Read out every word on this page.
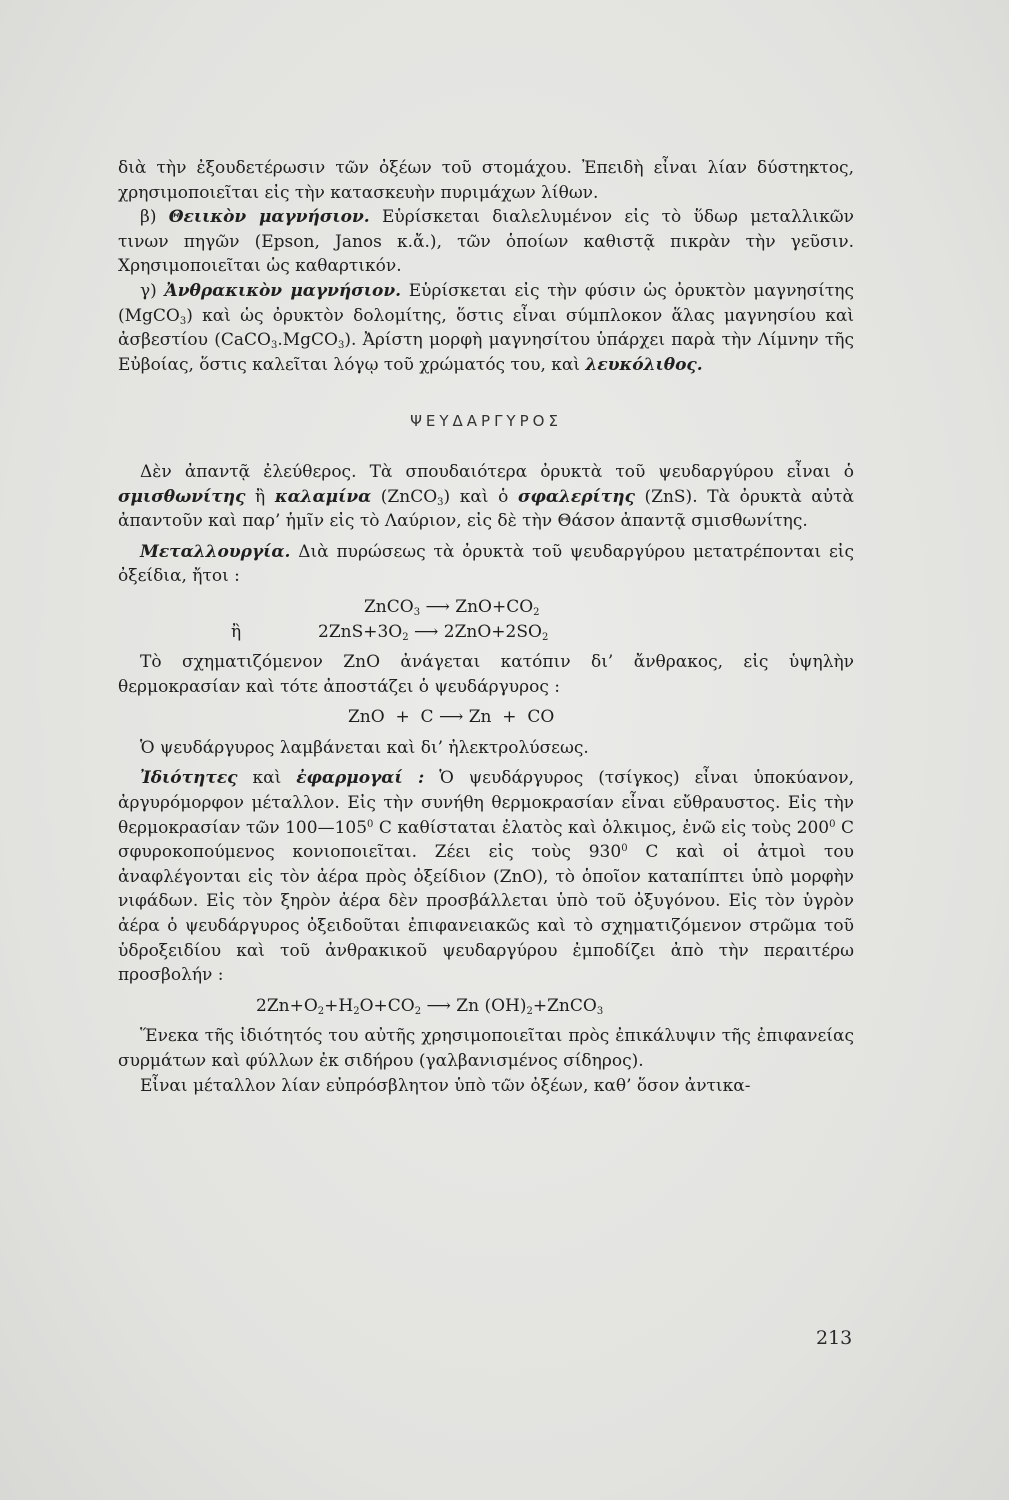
διὰ τὴν ἐξουδετέρωσιν τῶν ὀξέων τοῦ στομάχου. Ἐπειδὴ εἶναι λίαν δύστηκτος, χρησιμοποιεῖται εἰς τὴν κατασκευὴν πυριμάχων λίθων.

β) Θειικὸν μαγνήσιον. Εὑρίσκεται διαλελυμένον εἰς τὸ ὕδωρ μεταλλικῶν τινων πηγῶν (Epson, Janos κ.ἄ.), τῶν ὁποίων καθιστᾷ πικρὰν τὴν γεῦσιν. Χρησιμοποιεῖται ὡς καθαρτικόν.

γ) Ἀνθρακικὸν μαγνήσιον. Εὑρίσκεται εἰς τὴν φύσιν ὡς ὀρυκτὸν μαγνησίτης (MgCO$_3$) καὶ ὡς ὀρυκτὸν δολομίτης, ὅστις εἶναι σύμπλοκον ἅλας μαγνησίου καὶ ἀσβεστίου (CaCO$_3$.MgCO$_3$). Ἀρίστη μορφὴ μαγνησίτου ὑπάρχει παρὰ τὴν Λίμνην τῆς Εὐβοίας, ὅστις καλεῖται λόγῳ τοῦ χρώματός του, καὶ λευκόλιθος.

ΨΕΥΔΑΡΓΥΡΟΣ

Δὲν ἀπαντᾷ ἐλεύθερος. Τὰ σπουδαιότερα ὀρυκτὰ τοῦ ψευδαργύρου εἶναι ὁ σμισθωνίτης ἢ καλαμίνα (ZnCO$_3$) καὶ ὁ σφαλερίτης (ZnS). Τὰ ὀρυκτὰ αὐτὰ ἀπαντοῦν καὶ παρ’ ἡμῖν εἰς τὸ Λαύριον, εἰς δὲ τὴν Θάσον ἀπαντᾷ σμισθωνίτης.

Μεταλλουργία. Διὰ πυρώσεως τὰ ὀρυκτὰ τοῦ ψευδαργύρου μετατρέπονται εἰς ὀξείδια, ἤτοι :

ZnCO$_3$ ⟶ $ZnO+CO_2$
ἢ	$2ZnS+3O_2$ ⟶ $2ZnO+2SO_2$

Τὸ σχηματιζόμενον ZnO ἀνάγεται κατόπιν δι’ ἄνθρακος, εἰς ὑψηλὴν θερμοκρασίαν καὶ τότε ἀποστάζει ὁ ψευδάργυρος :

ZnO  +  C ⟶ Zn  +  CO

Ὁ ψευδάργυρος λαμβάνεται καὶ δι’ ἠλεκτρολύσεως.

Ἰδιότητες καὶ ἐφαρμογαί : Ὁ ψευδάργυρος (τσίγκος) εἶναι ὑποκύανον, ἀργυρόμορφον μέταλλον. Εἰς τὴν συνήθη θερμοκρασίαν εἶναι εὔθραυστος. Εἰς τὴν θερμοκρασίαν τῶν $100—105^0$ C καθίσταται ἐλατὸς καὶ ὀλκιμος, ἐνῶ εἰς τοὺς $200^0$ C σφυροκοπούμενος κονιοποιεῖται. Ζέει εἰς τοὺς $930^0$ C καὶ οἱ ἀτμοὶ του ἀναφλέγονται εἰς τὸν ἀέρα πρὸς ὀξείδιον (ZnO), τὸ ὁποῖον καταπίπτει ὑπὸ μορφὴν νιφάδων. Εἰς τὸν ξηρὸν ἀέρα δὲν προσβάλλεται ὑπὸ τοῦ ὀξυγόνου. Εἰς τὸν ὑγρὸν ἀέρα ὁ ψευδάργυρος ὀξειδοῦται ἐπιφανειακῶς καὶ τὸ σχηματιζόμενον στρῶμα τοῦ ὑδροξειδίου καὶ τοῦ ἀνθρακικοῦ ψευδαργύρου ἐμποδίζει ἀπὸ τὴν περαιτέρω προσβολήν :

$2Zn+O_2+H_2O+CO_2$ ⟶ Zn $(OH)_2+ZnCO_3$

Ἕνεκα τῆς ἰδιότητός του αὐτῆς χρησιμοποιεῖται πρὸς ἐπικάλυψιν τῆς ἐπιφανείας συρμάτων καὶ φύλλων ἐκ σιδήρου (γαλβανισμένος σίδηρος).

Εἶναι μέταλλον λίαν εὐπρόσβλητον ὑπὸ τῶν ὀξέων, καθ’ ὅσον ἀντικα-

213
